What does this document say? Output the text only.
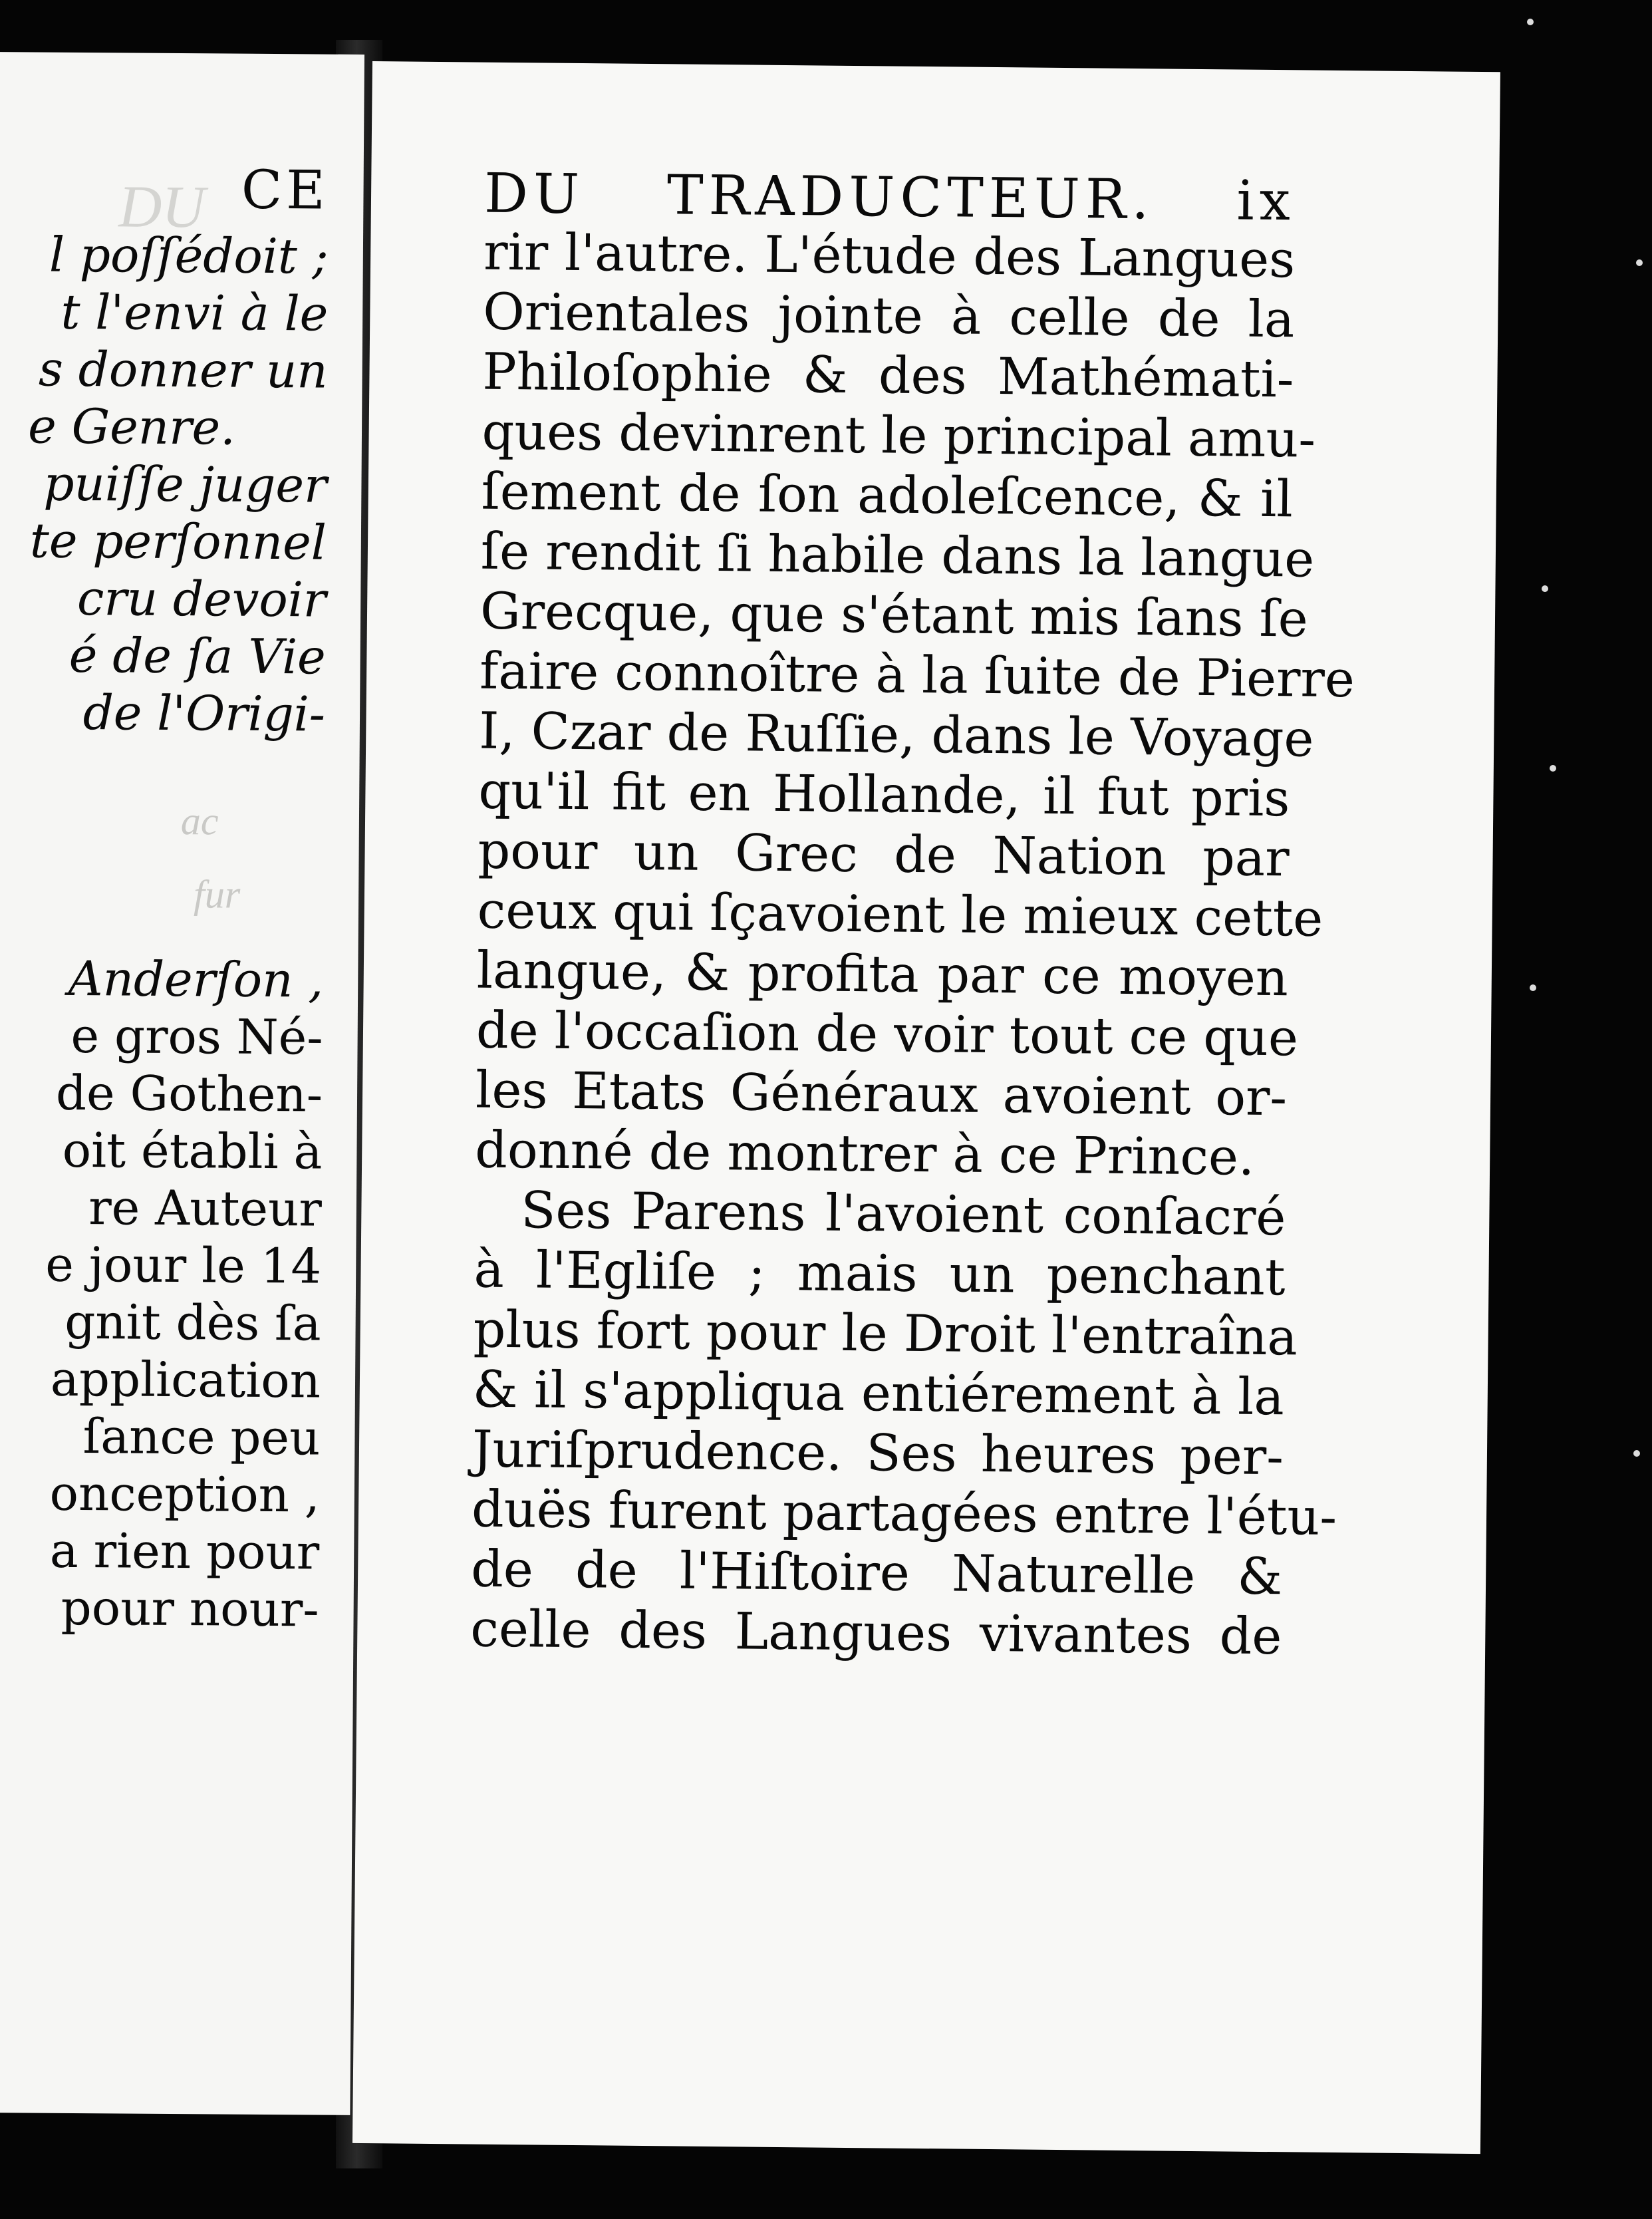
DU CE
l poſſédoit ;
t l'envi à le
s donner un
e Genre.
puiſſe juger
te perſonnel
cru devoir
é de ſa Vie
de l'Origi-
ac
fur
Anderſon ,
e gros Né-
de Gothen-
oit établi à
re Auteur
e jour le 14
gnit dès ſa
application
ſance peu
onception ,
a rien pour
pour nour-
DU TRADUCTEUR. ix
rir l'autre. L'étude des Langues
Orientales jointe à celle de la
Philoſophie & des Mathémati-
ques devinrent le principal amu-
ſement de ſon adoleſcence, & il
ſe rendit ſi habile dans la langue
Grecque, que s'étant mis ſans ſe
faire connoître à la ſuite de Pierre
I, Czar de Ruſſie, dans le Voyage
qu'il fit en Hollande, il fut pris
pour un Grec de Nation par
ceux qui ſçavoient le mieux cette
langue, & profita par ce moyen
de l'occaſion de voir tout ce que
les Etats Généraux avoient or-
donné de montrer à ce Prince.
Ses Parens l'avoient conſacré
à l'Egliſe ; mais un penchant
plus fort pour le Droit l'entraîna
& il s'appliqua entiérement à la
Juriſprudence. Ses heures per-
duës furent partagées entre l'étu-
de de l'Hiſtoire Naturelle &
celle des Langues vivantes de
